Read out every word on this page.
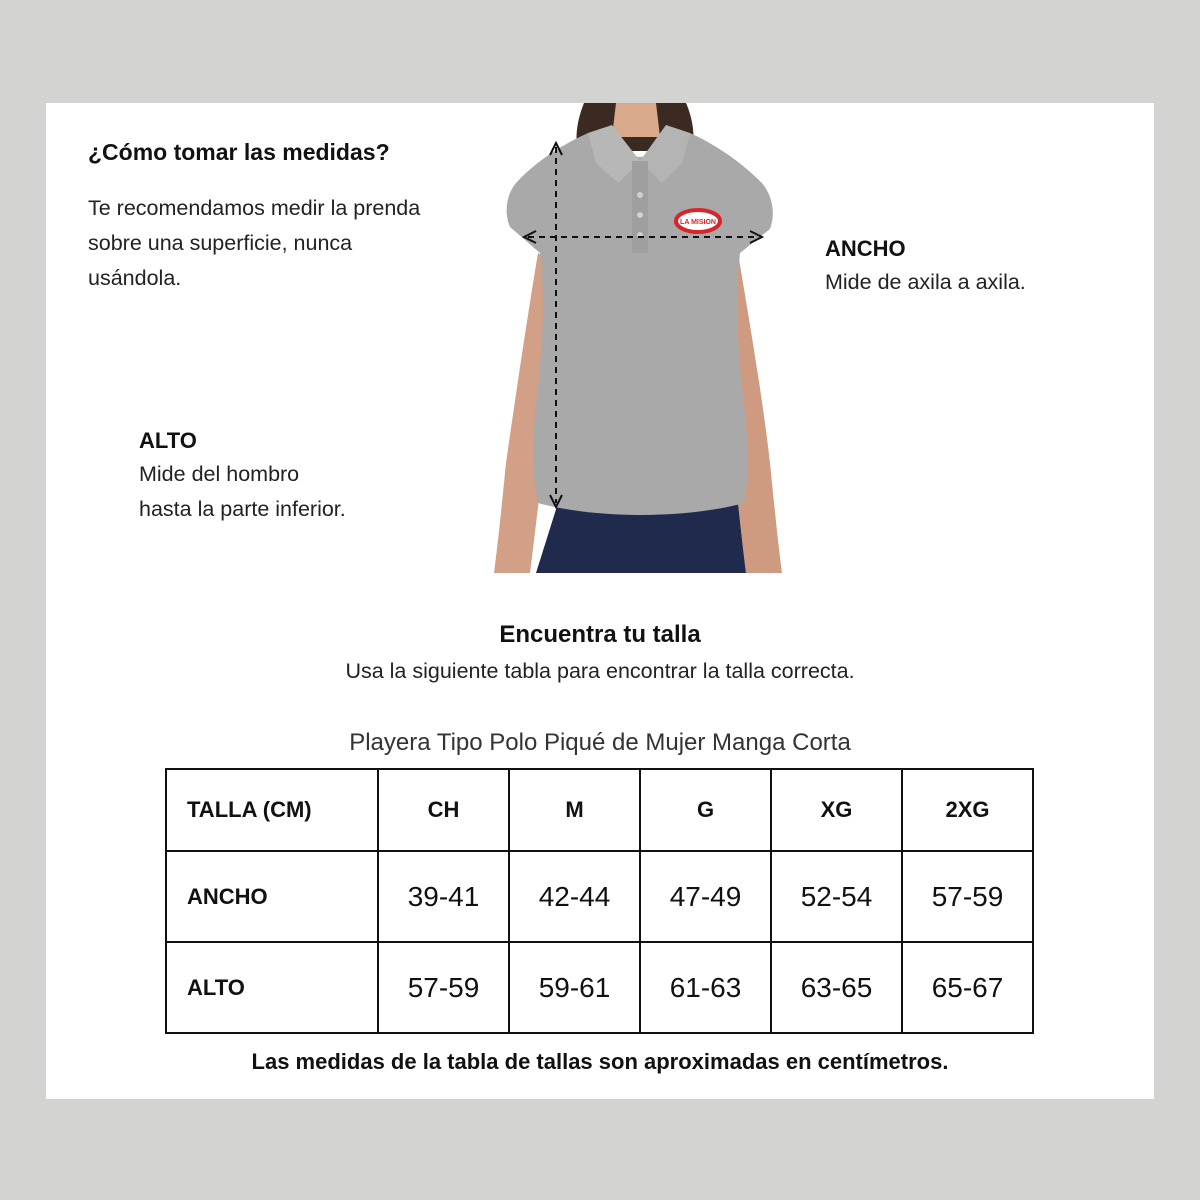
¿Cómo tomar las medidas?
Te recomendamos medir la prenda sobre una superficie, nunca usándola.
LA MISION
ANCHO
Mide de axila a axila.
ALTO
Mide del hombro
hasta la parte inferior.
Encuentra tu talla
Usa la siguiente tabla para encontrar la talla correcta.
Playera Tipo Polo Piqué de Mujer Manga Corta
TALLA (CM)	CH	M	G	XG	2XG
ANCHO	39-41	42-44	47-49	52-54	57-59
ALTO	57-59	59-61	61-63	63-65	65-67
Las medidas de la tabla de tallas son aproximadas en centímetros.
